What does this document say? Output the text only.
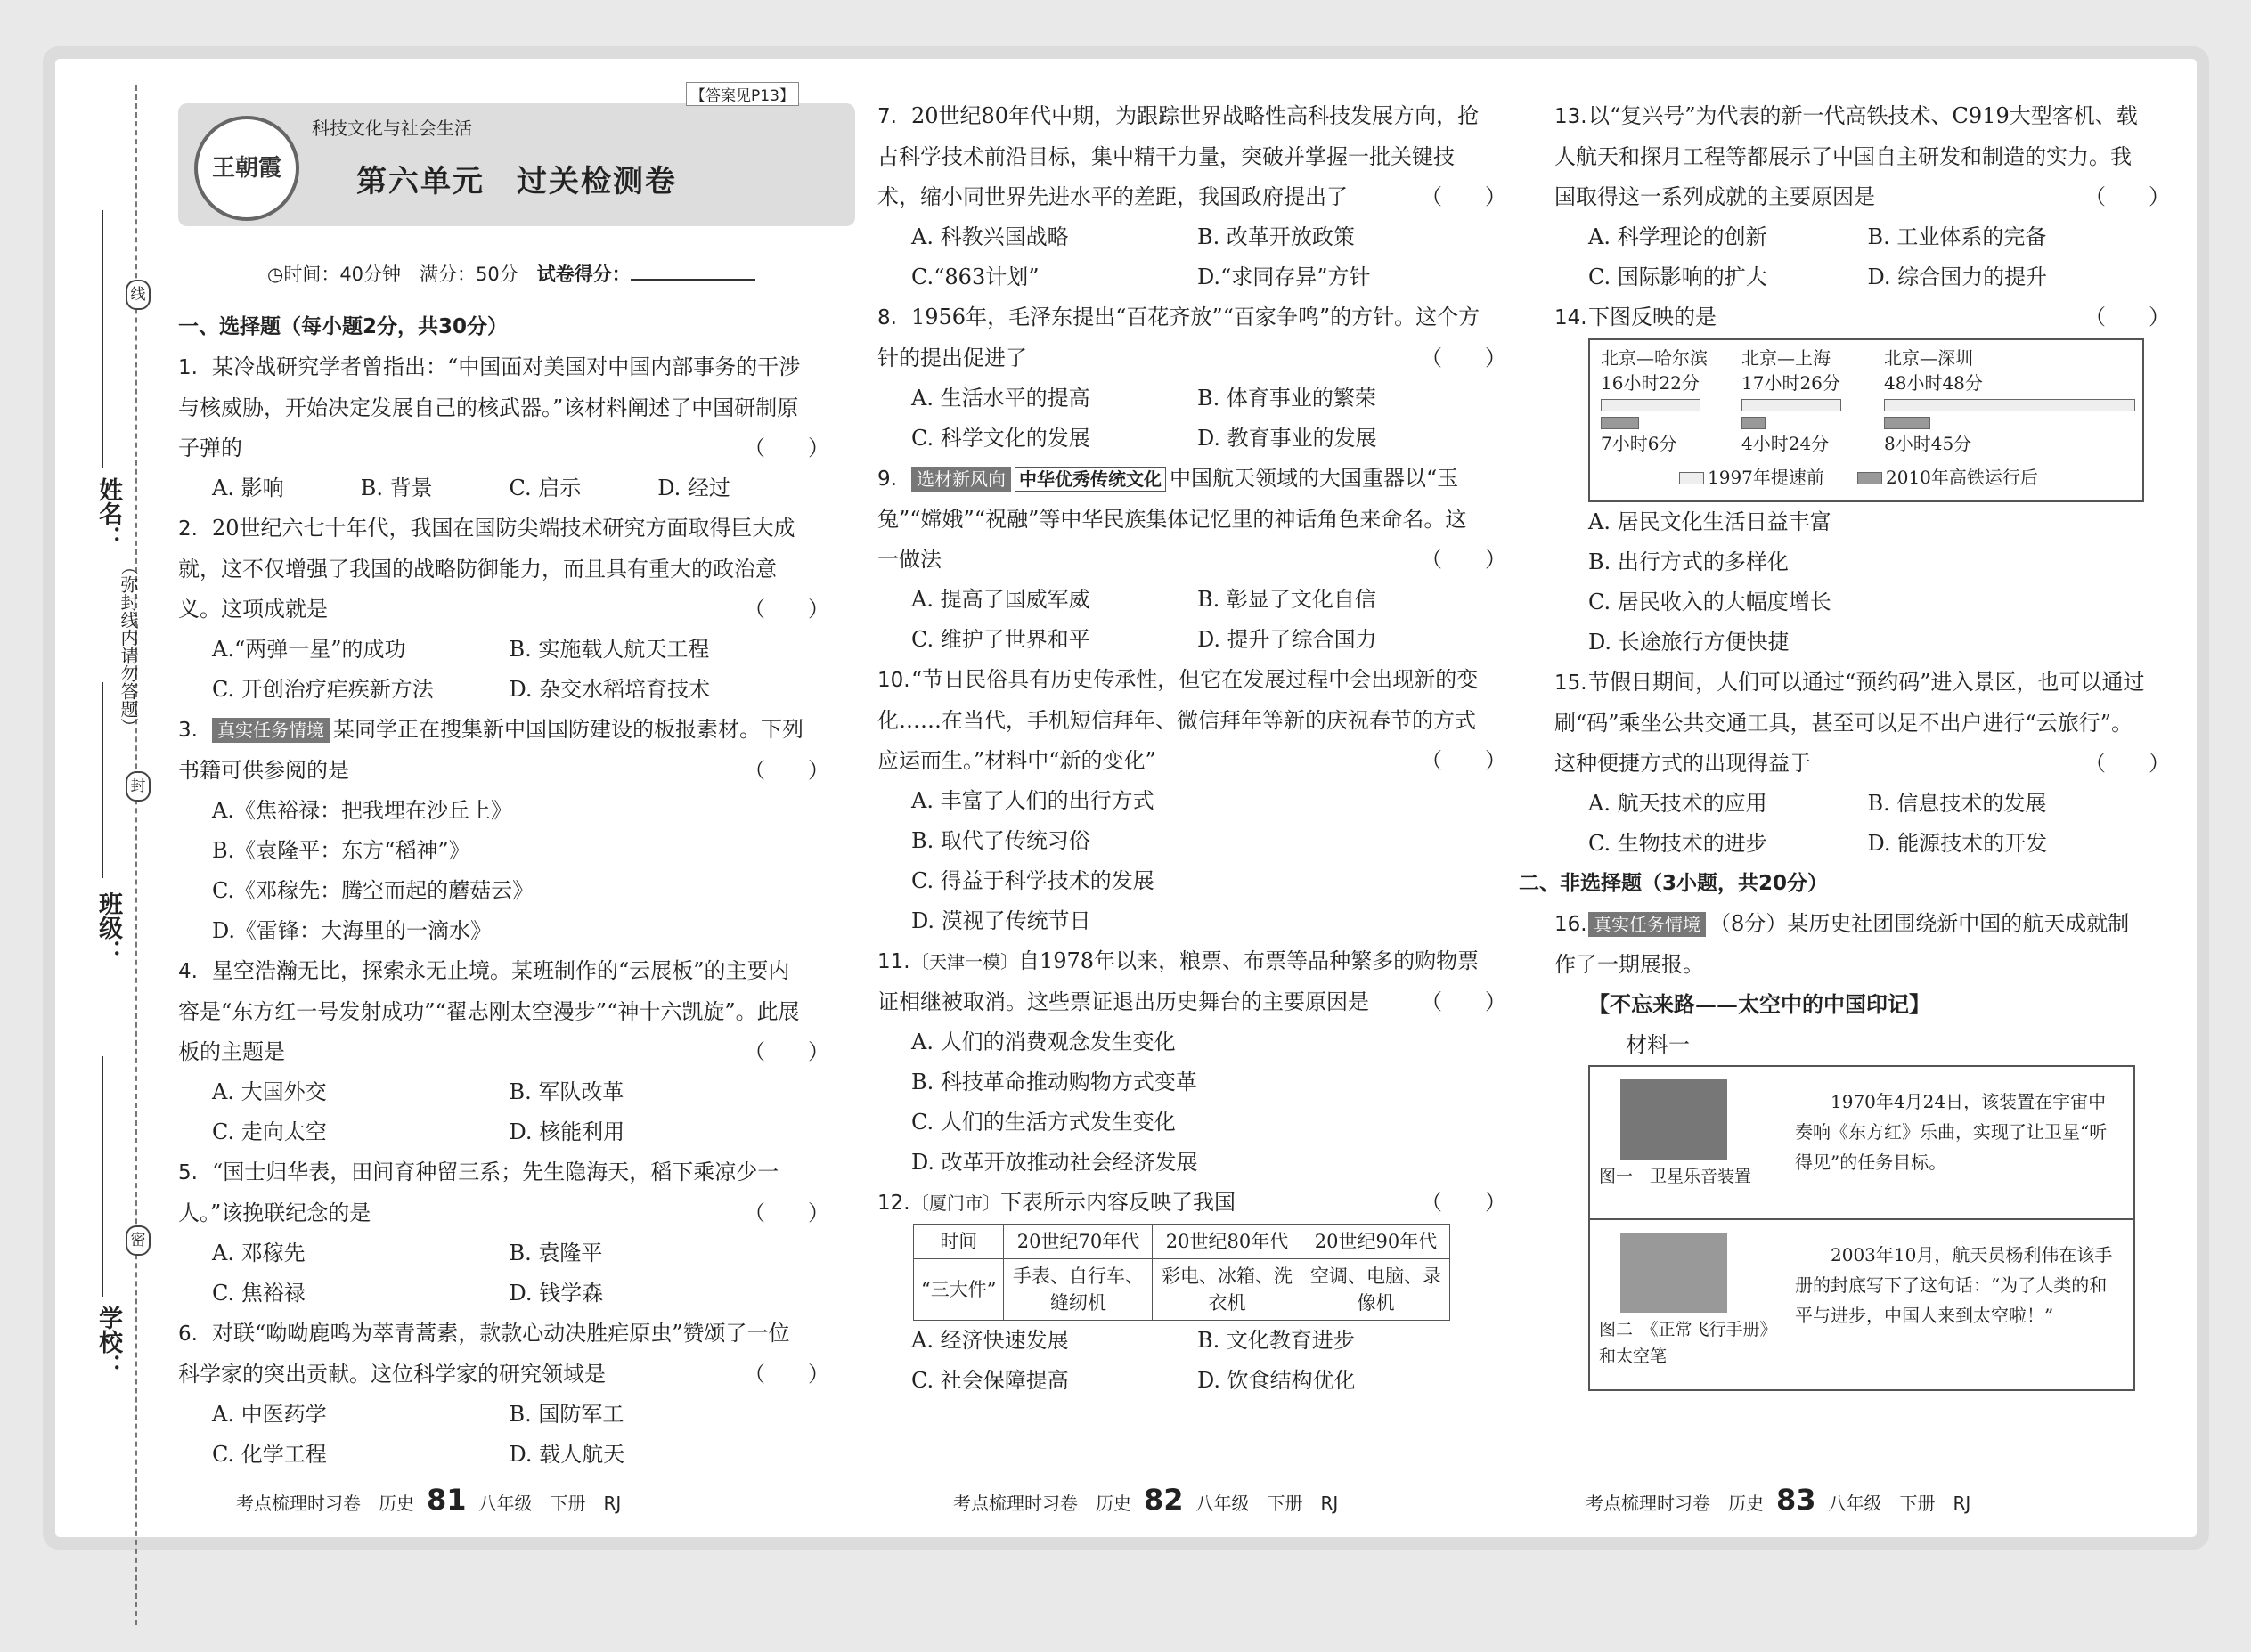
线
封
密
姓名：
班级：
学校：
（弥封线内请勿答题）
王朝霞
科技文化与社会生活
第六单元　过关检测卷
【答案见P13】
◷时间：40分钟　满分：50分　 试卷得分：
一、选择题（每小题2分，共30分）
1. 某冷战研究学者曾指出：“中国面对美国对中国内部事务的干涉与核威胁，开始决定发展自己的核武器。”该材料阐述了中国研制原子弹的	（　　）
A. 影响	B. 背景	C. 启示	D. 经过
2. 20世纪六七十年代，我国在国防尖端技术研究方面取得巨大成就，这不仅增强了我国的战略防御能力，而且具有重大的政治意义。这项成就是	（　　）
A.“两弹一星”的成功	B. 实施载人航天工程
C. 开创治疗疟疾新方法	D. 杂交水稻培育技术
3. 真实任务情境 某同学正在搜集新中国国防建设的板报素材。下列书籍可供参阅的是	（　　）
A.《焦裕禄：把我埋在沙丘上》
B.《袁隆平：东方“稻神”》
C.《邓稼先：腾空而起的蘑菇云》
D.《雷锋：大海里的一滴水》
4. 星空浩瀚无比，探索永无止境。某班制作的“云展板”的主要内容是“东方红一号发射成功”“翟志刚太空漫步”“神十六凯旋”。此展板的主题是	（　　）
A. 大国外交	B. 军队改革
C. 走向太空	D. 核能利用
5. “国士归华表，田间育种留三系；先生隐海天，稻下乘凉少一人。”该挽联纪念的是	（　　）
A. 邓稼先	B. 袁隆平
C. 焦裕禄	D. 钱学森
6. 对联“呦呦鹿鸣为萃青蒿素，款款心动决胜疟原虫”赞颂了一位科学家的突出贡献。这位科学家的研究领域是	（　　）
A. 中医药学	B. 国防军工
C. 化学工程	D. 载人航天
7. 20世纪80年代中期，为跟踪世界战略性高科技发展方向，抢占科学技术前沿目标，集中精干力量，突破并掌握一批关键技术，缩小同世界先进水平的差距，我国政府提出了	（　　）
A. 科教兴国战略	B. 改革开放政策
C.“863计划”	D.“求同存异”方针
8. 1956年，毛泽东提出“百花齐放”“百家争鸣”的方针。这个方针的提出促进了	（　　）
A. 生活水平的提高	B. 体育事业的繁荣
C. 科学文化的发展	D. 教育事业的发展
9. 选材新风向 中华优秀传统文化 中国航天领域的大国重器以“玉兔”“嫦娥”“祝融”等中华民族集体记忆里的神话角色来命名。这一做法	（　　）
A. 提高了国威军威	B. 彰显了文化自信
C. 维护了世界和平	D. 提升了综合国力
10.“节日民俗具有历史传承性，但它在发展过程中会出现新的变化……在当代，手机短信拜年、微信拜年等新的庆祝春节的方式应运而生。”材料中“新的变化”	（　　）
A. 丰富了人们的出行方式
B. 取代了传统习俗
C. 得益于科学技术的发展
D. 漠视了传统节日
11.〔天津一模〕自1978年以来，粮票、布票等品种繁多的购物票证相继被取消。这些票证退出历史舞台的主要原因是 （　　）
A. 人们的消费观念发生变化
B. 科技革命推动购物方式变革
C. 人们的生活方式发生变化
D. 改革开放推动社会经济发展
12.〔厦门市〕下表所示内容反映了我国	（　　）
时间	20世纪70年代	20世纪80年代	20世纪90年代
“三大件”	手表、自行车、缝纫机	彩电、冰箱、洗衣机	空调、电脑、录像机
A. 经济快速发展	B. 文化教育进步
C. 社会保障提高	D. 饮食结构优化
13.以“复兴号”为代表的新一代高铁技术、C919大型客机、载人航天和探月工程等都展示了中国自主研发和制造的实力。我国取得这一系列成就的主要原因是	（　　）
A. 科学理论的创新	B. 工业体系的完备
C. 国际影响的扩大	D. 综合国力的提升
14.下图反映的是	（　　）
北京—哈尔滨
16小时22分
7小时6分
北京—上海
17小时26分
4小时24分
北京—深圳
48小时48分
8小时45分
1997年提速前	2010年高铁运行后
A. 居民文化生活日益丰富
B. 出行方式的多样化
C. 居民收入的大幅度增长
D. 长途旅行方便快捷
15.节假日期间，人们可以通过“预约码”进入景区，也可以通过刷“码”乘坐公共交通工具，甚至可以足不出户进行“云旅行”。这种便捷方式的出现得益于	（　　）
A. 航天技术的应用	B. 信息技术的发展
C. 生物技术的进步	D. 能源技术的开发
二、非选择题（3小题，共20分）
16. 真实任务情境 （8分）某历史社团围绕新中国的航天成就制作了一期展报。
【不忘来路——太空中的中国印记】
材料一
图一　卫星乐音装置
1970年4月24日，该装置在宇宙中奏响《东方红》乐曲，实现了让卫星“听得见”的任务目标。
图二　《正常飞行手册》和太空笔
2003年10月，航天员杨利伟在该手册的封底写下了这句话：“为了人类的和平与进步，中国人来到太空啦！”
考点梳理时习卷　历史 81 八年级　下册　RJ	考点梳理时习卷　历史 82 八年级　下册　RJ	考点梳理时习卷　历史 83 八年级　下册　RJ
